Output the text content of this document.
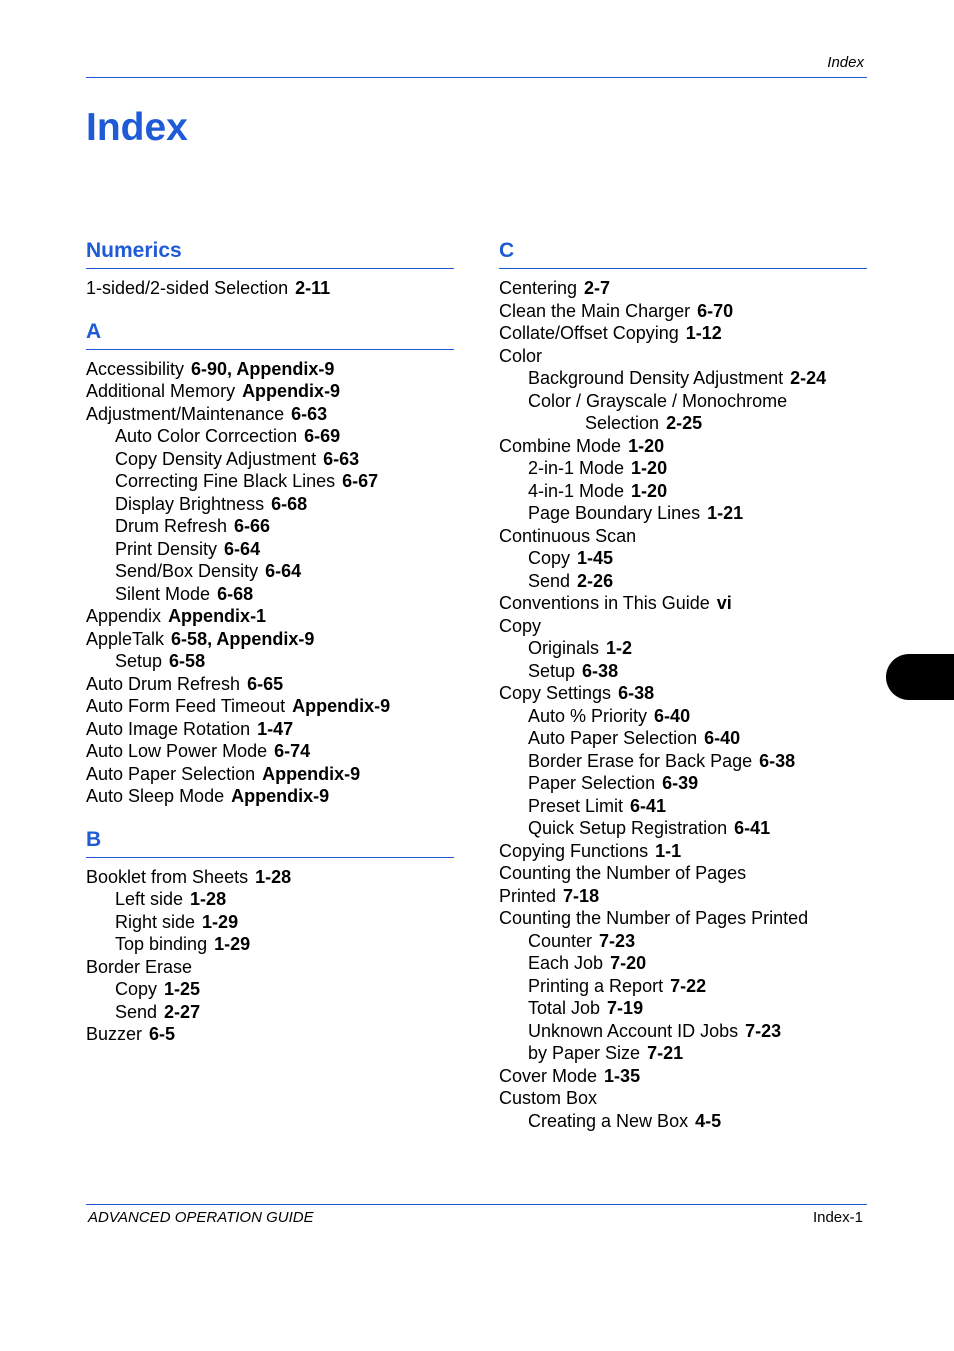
Index
Index
Numerics
1-sided/2-sided Selection 2-11
A
Accessibility 6-90, Appendix-9
Additional Memory Appendix-9
Adjustment/Maintenance 6-63
Auto Color Corrcection 6-69
Copy Density Adjustment 6-63
Correcting Fine Black Lines 6-67
Display Brightness 6-68
Drum Refresh 6-66
Print Density 6-64
Send/Box Density 6-64
Silent Mode 6-68
Appendix Appendix-1
AppleTalk 6-58, Appendix-9
Setup 6-58
Auto Drum Refresh 6-65
Auto Form Feed Timeout Appendix-9
Auto Image Rotation 1-47
Auto Low Power Mode 6-74
Auto Paper Selection Appendix-9
Auto Sleep Mode Appendix-9
B
Booklet from Sheets 1-28
Left side 1-28
Right side 1-29
Top binding 1-29
Border Erase
Copy 1-25
Send 2-27
Buzzer 6-5
C
Centering 2-7
Clean the Main Charger 6-70
Collate/Offset Copying 1-12
Color
Background Density Adjustment 2-24
Color / Grayscale / Monochrome
Selection 2-25
Combine Mode 1-20
2-in-1 Mode 1-20
4-in-1 Mode 1-20
Page Boundary Lines 1-21
Continuous Scan
Copy 1-45
Send 2-26
Conventions in This Guide vi
Copy
Originals 1-2
Setup 6-38
Copy Settings 6-38
Auto % Priority 6-40
Auto Paper Selection 6-40
Border Erase for Back Page 6-38
Paper Selection 6-39
Preset Limit 6-41
Quick Setup Registration 6-41
Copying Functions 1-1
Counting the Number of Pages
Printed 7-18
Counting the Number of Pages Printed
Counter 7-23
Each Job 7-20
Printing a Report 7-22
Total Job 7-19
Unknown Account ID Jobs 7-23
by Paper Size 7-21
Cover Mode 1-35
Custom Box
Creating a New Box 4-5
ADVANCED OPERATION GUIDE	Index-1
